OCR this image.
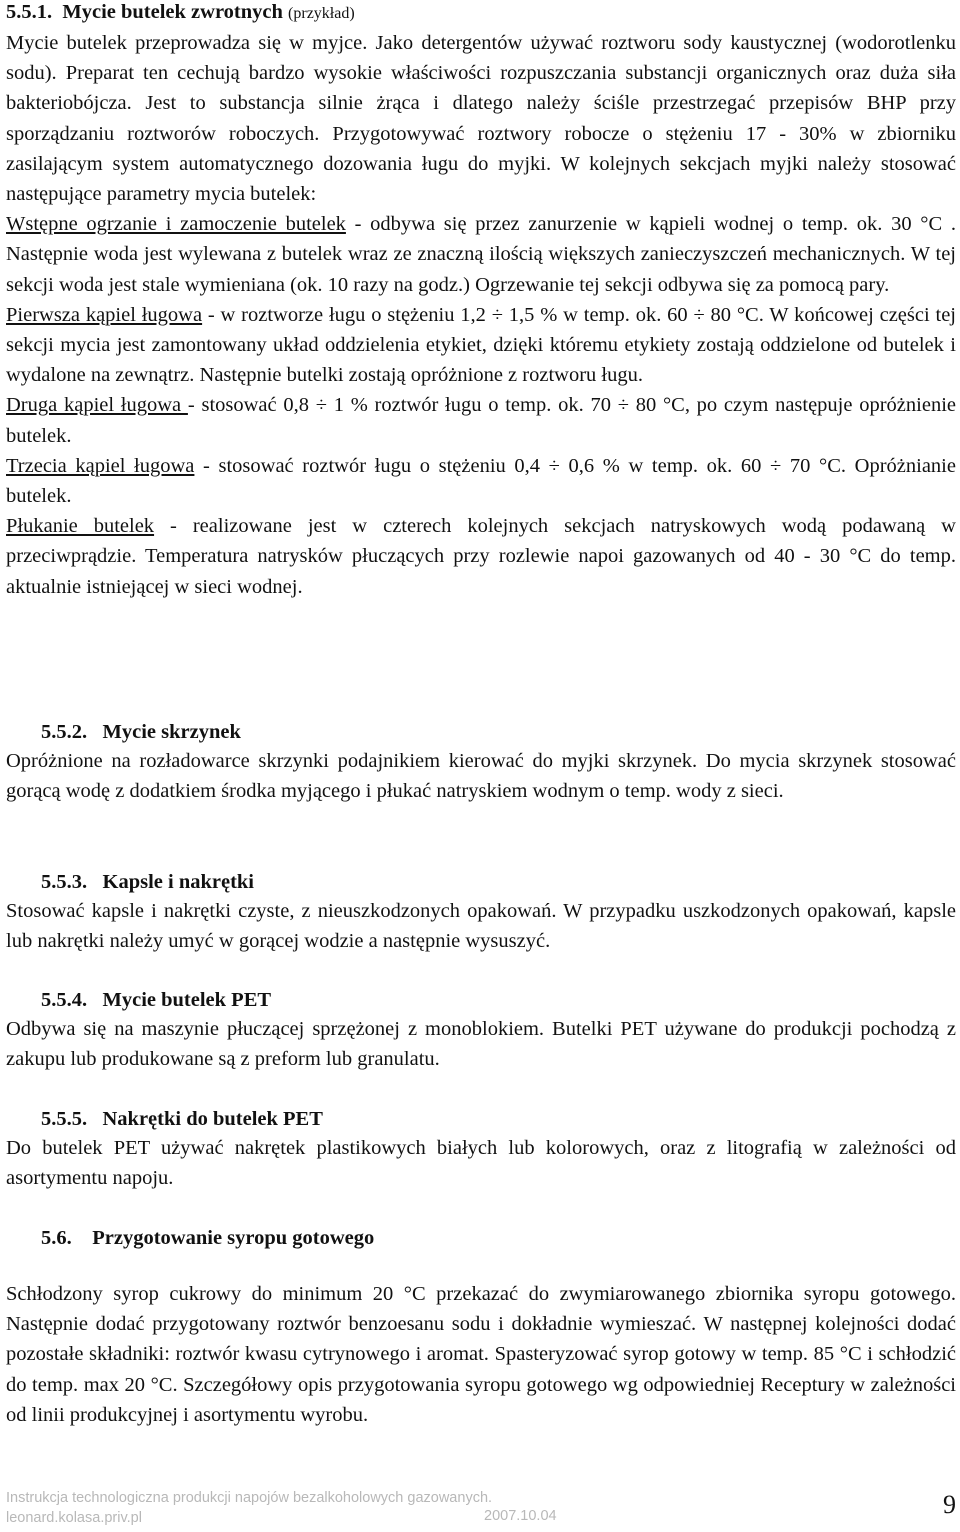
5.5.1. Mycie butelek zwrotnych (przykład)

Mycie butelek przeprowadza się w myjce. Jako detergentów używać roztworu sody kaustycznej (wodorotlenku sodu). Preparat ten cechują bardzo wysokie właściwości rozpuszczania substancji organicznych oraz duża siła bakteriobójcza. Jest to substancja silnie żrąca i dlatego należy ściśle przestrzegać przepisów BHP przy sporządzaniu roztworów roboczych. Przygotowywać roztwory robocze o stężeniu 17 - 30% w zbiorniku zasilającym system automatycznego dozowania ługu do myjki. W kolejnych sekcjach myjki należy stosować następujące parametry mycia butelek:
Wstępne ogrzanie i zamoczenie butelek - odbywa się przez zanurzenie w kąpieli wodnej o temp. ok. 30 °C . Następnie woda jest wylewana z butelek wraz ze znaczną ilością większych zanieczyszczeń mechanicznych. W tej sekcji woda jest stale wymieniana (ok. 10 razy na godz.) Ogrzewanie tej sekcji odbywa się za pomocą pary.
Pierwsza kąpiel ługowa - w roztworze ługu o stężeniu 1,2 ÷ 1,5 % w temp. ok. 60 ÷ 80 °C. W końcowej części tej sekcji mycia jest zamontowany układ oddzielenia etykiet, dzięki któremu etykiety zostają oddzielone od butelek i wydalone na zewnątrz. Następnie butelki zostają opróżnione z roztworu ługu.
Druga kąpiel ługowa - stosować 0,8 ÷ 1 % roztwór ługu o temp. ok. 70 ÷ 80 °C, po czym następuje opróżnienie butelek.
Trzecia kąpiel ługowa - stosować roztwór ługu o stężeniu 0,4 ÷ 0,6 % w temp. ok. 60 ÷ 70 °C. Opróżnianie butelek.
Płukanie butelek - realizowane jest w czterech kolejnych sekcjach natryskowych wodą podawaną w przeciwprądzie. Temperatura natrysków płuczących przy rozlewie napoi gazowanych od 40 - 30 °C do temp. aktualnie istniejącej w sieci wodnej.

5.5.2. Mycie skrzynek

Opróżnione na rozładowarce skrzynki podajnikiem kierować do myjki skrzynek. Do mycia skrzynek stosować gorącą wodę z dodatkiem środka myjącego i płukać natryskiem wodnym o temp. wody z sieci.

5.5.3. Kapsle i nakrętki

Stosować kapsle i nakrętki czyste, z nieuszkodzonych opakowań. W przypadku uszkodzonych opakowań, kapsle lub nakrętki należy umyć w gorącej wodzie a następnie wysuszyć.

5.5.4. Mycie butelek PET

Odbywa się na maszynie płuczącej sprzężonej z monoblokiem. Butelki PET używane do produkcji pochodzą z zakupu lub produkowane są z preform lub granulatu.

5.5.5. Nakrętki do butelek PET

Do butelek PET używać nakrętek plastikowych białych lub kolorowych, oraz z litografią w zależności od asortymentu napoju.

5.6. Przygotowanie syropu gotowego

Schłodzony syrop cukrowy do minimum 20 °C przekazać do zwymiarowanego zbiornika syropu gotowego. Następnie dodać przygotowany roztwór benzoesanu sodu i dokładnie wymieszać. W następnej kolejności dodać pozostałe składniki: roztwór kwasu cytrynowego i aromat. Spasteryzować syrop gotowy w temp. 85 °C i schłodzić do temp. max 20 °C. Szczegółowy opis przygotowania syropu gotowego wg odpowiedniej Receptury w zależności od linii produkcyjnej i asortymentu wyrobu.

Instrukcja technologiczna produkcji napojów bezalkoholowych gazowanych.
leonard.kolasa.priv.pl	2007.10.04	9
